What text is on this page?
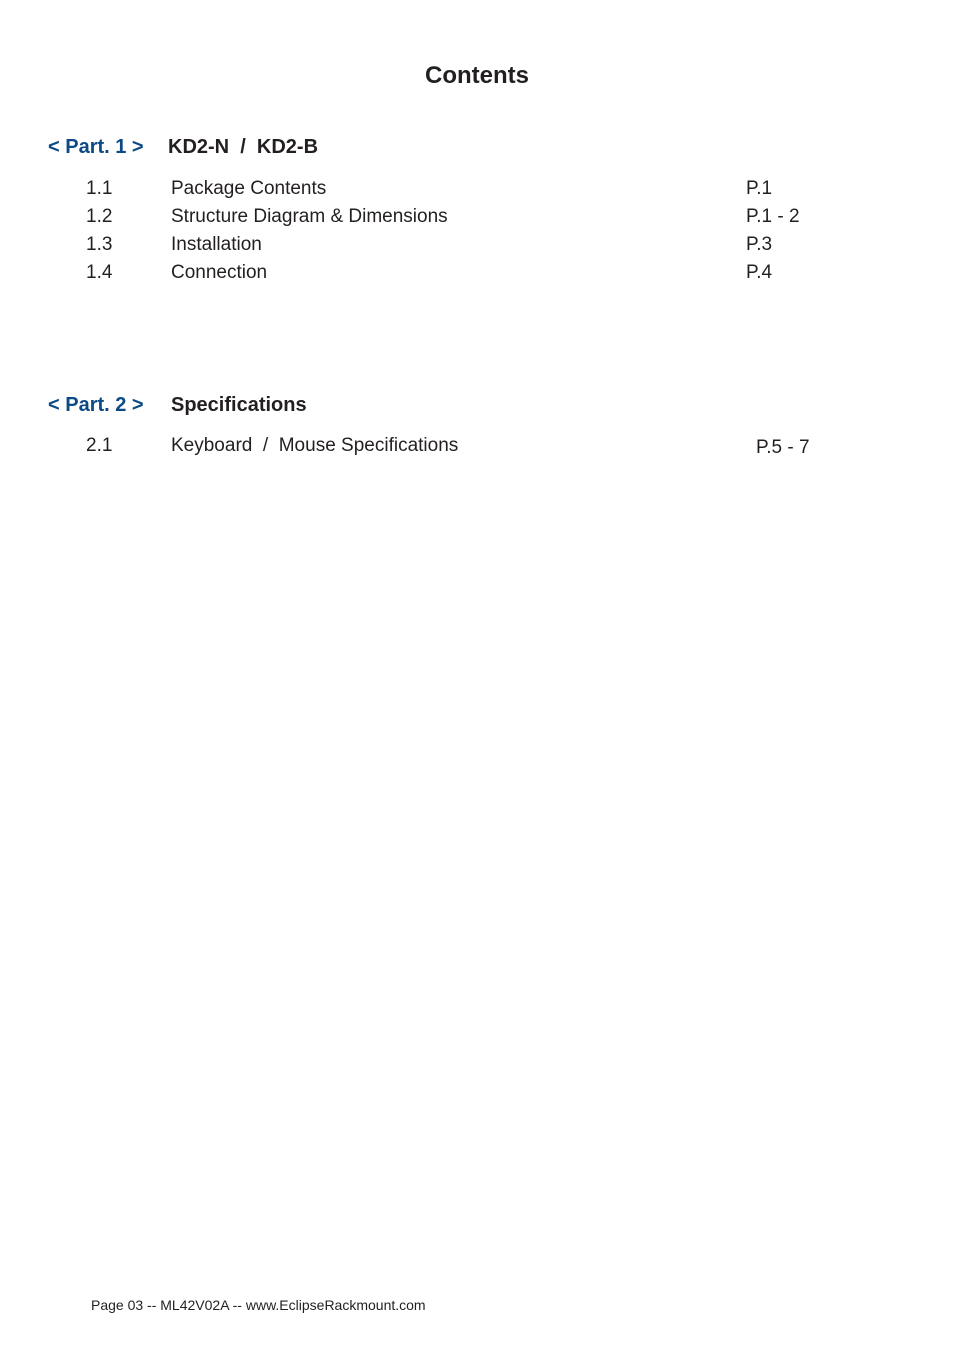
Contents
< Part. 1 > KD2-N  /  KD2-B
1.1	Package Contents	P.1
1.2	Structure Diagram & Dimensions	P.1 - 2
1.3	Installation	P.3
1.4	Connection	P.4
< Part. 2 > Specifications
2.1	Keyboard  /  Mouse Specifications	P.5 - 7
Page 03 -- ML42V02A -- www.EclipseRackmount.com
